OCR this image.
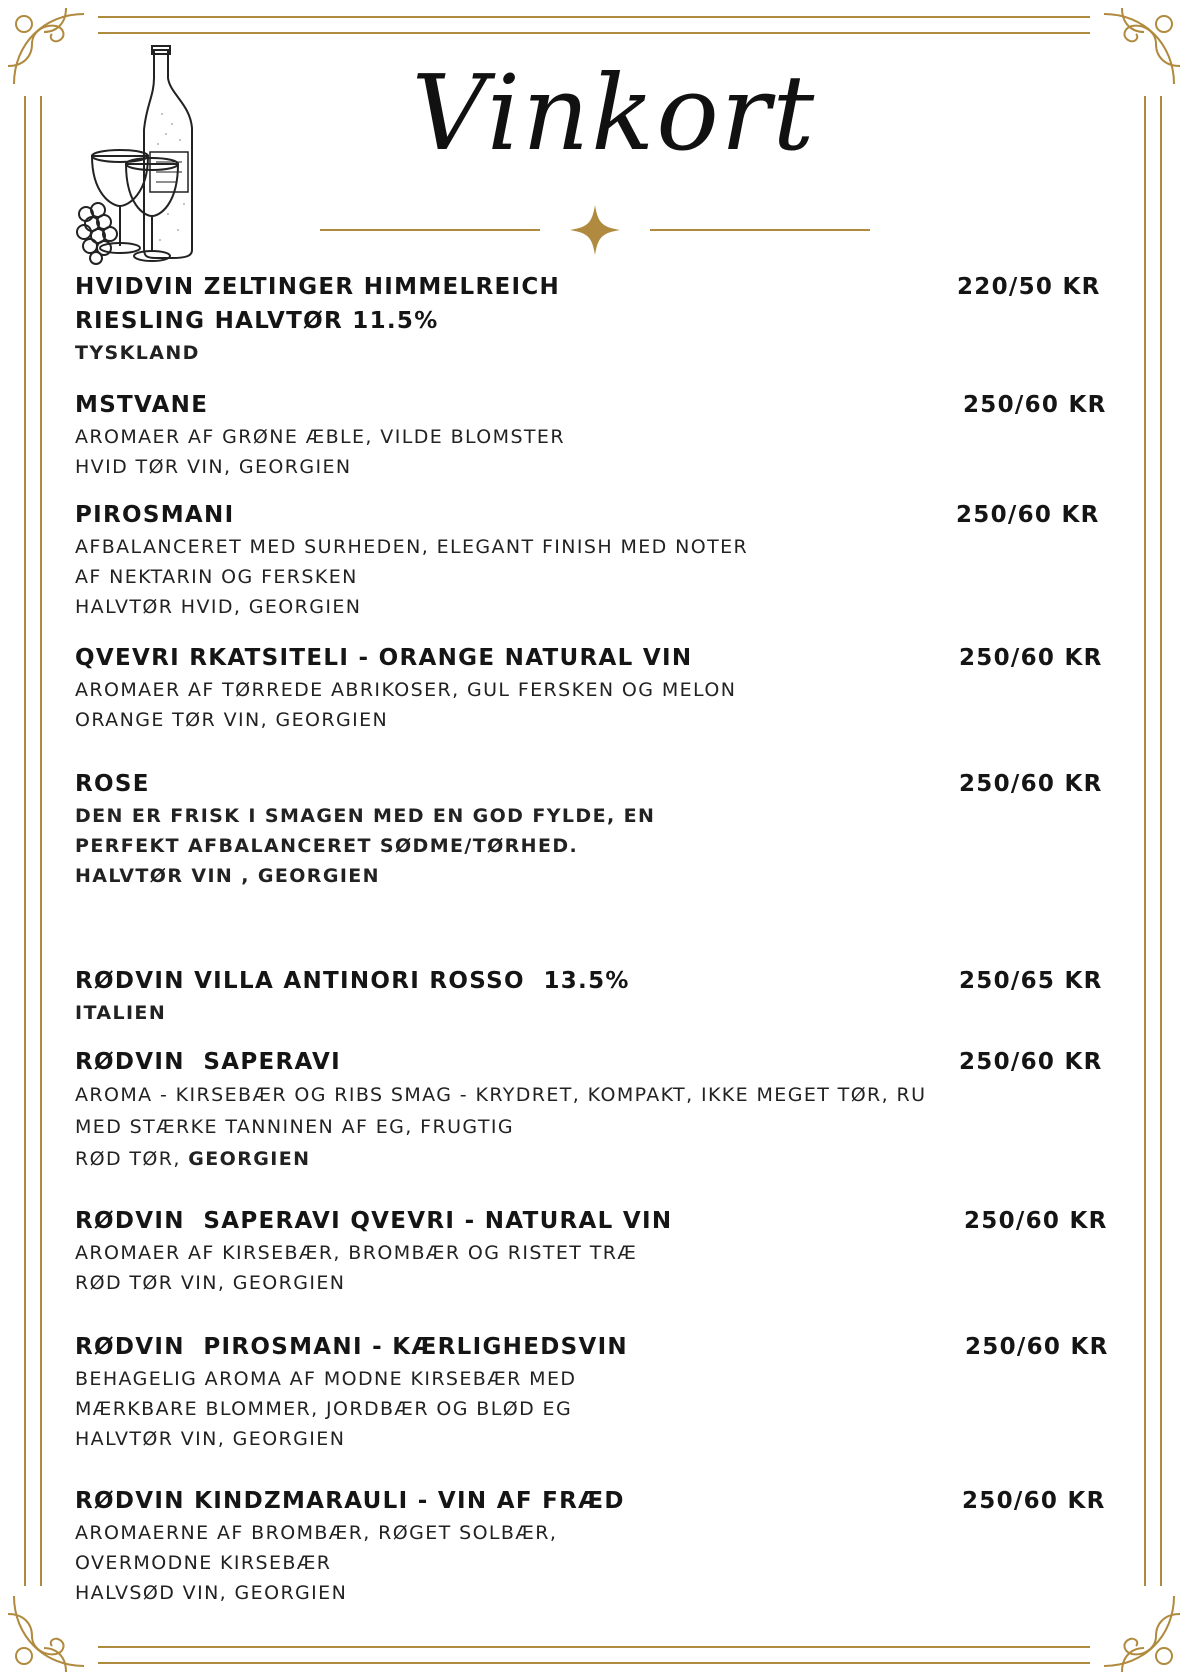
Vinkort
HVIDVIN ZELTINGER HIMMELREICH
RIESLING HALVTØR 11.5%
220/50 KR
TYSKLAND
MSTVANE	250/60 KR
AROMAER AF GRØNE ÆBLE, VILDE BLOMSTER
HVID TØR VIN, GEORGIEN
PIROSMANI	250/60 KR
AFBALANCERET MED SURHEDEN, ELEGANT FINISH MED NOTER
AF NEKTARIN OG FERSKEN
HALVTØR HVID, GEORGIEN
QVEVRI RKATSITELI - ORANGE NATURAL VIN	250/60 KR
AROMAER AF TØRREDE ABRIKOSER, GUL FERSKEN OG MELON
ORANGE TØR VIN, GEORGIEN
ROSE	250/60 KR
DEN ER FRISK I SMAGEN MED EN GOD FYLDE, EN
PERFEKT AFBALANCERET SØDME/TØRHED.
HALVTØR VIN , GEORGIEN
RØDVIN VILLA ANTINORI ROSSO  13.5%	250/65 KR
ITALIEN
RØDVIN  SAPERAVI	250/60 KR
AROMA - KIRSEBÆR OG RIBS SMAG - KRYDRET, KOMPAKT, IKKE MEGET TØR, RU
MED STÆRKE TANNINEN AF EG, FRUGTIG
RØD TØR, GEORGIEN
RØDVIN  SAPERAVI QVEVRI - NATURAL VIN	250/60 KR
AROMAER AF KIRSEBÆR, BROMBÆR OG RISTET TRÆ
RØD TØR VIN, GEORGIEN
RØDVIN  PIROSMANI - KÆRLIGHEDSVIN	250/60 KR
BEHAGELIG AROMA AF MODNE KIRSEBÆR MED
MÆRKBARE BLOMMER, JORDBÆR OG BLØD EG
HALVTØR VIN, GEORGIEN
RØDVIN KINDZMARAULI - VIN AF FRÆD	250/60 KR
AROMAERNE AF BROMBÆR, RØGET SOLBÆR,
OVERMODNE KIRSEBÆR
HALVSØD VIN, GEORGIEN
